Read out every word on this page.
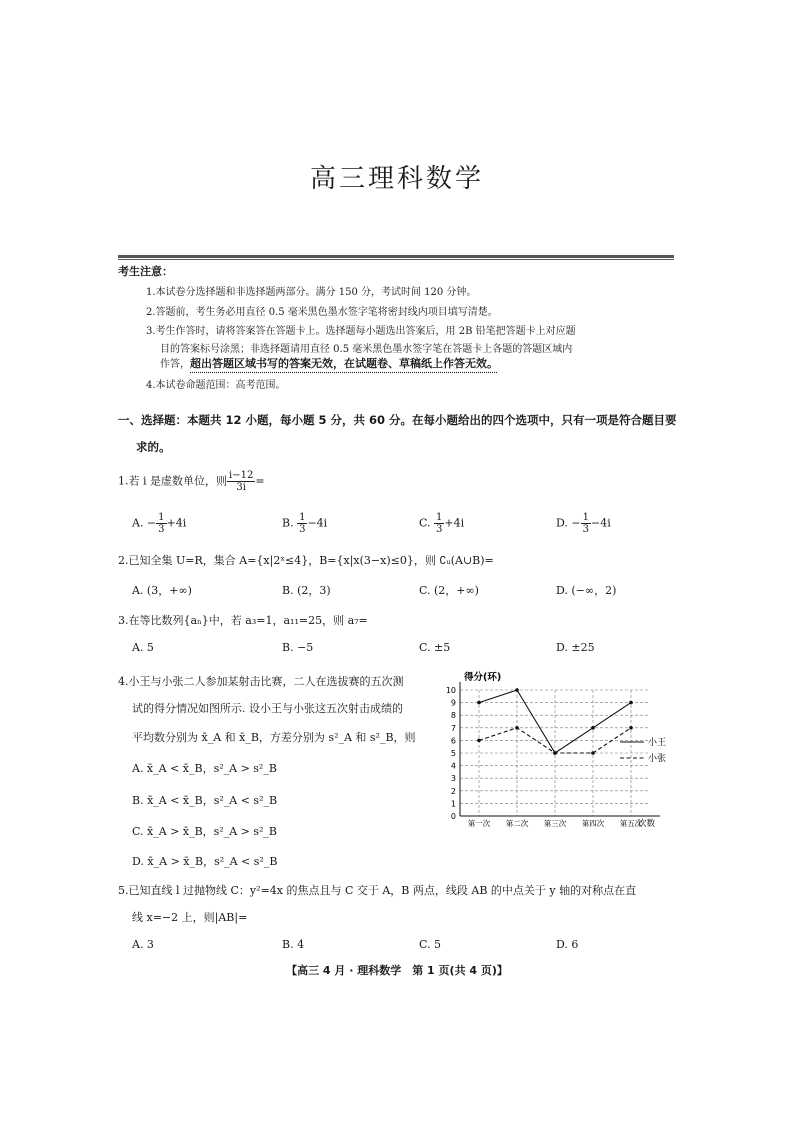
高三理科数学
考生注意：
1.本试卷分选择题和非选择题两部分。满分 150 分，考试时间 120 分钟。
2.答题前，考生务必用直径 0.5 毫米黑色墨水签字笔将密封线内项目填写清楚。
3.考生作答时，请将答案答在答题卡上。选择题每小题选出答案后，用 2B 铅笔把答题卡上对应题
目的答案标号涂黑；非选择题请用直径 0.5 毫米黑色墨水签字笔在答题卡上各题的答题区域内
作答，超出答题区域书写的答案无效，在试题卷、草稿纸上作答无效。
4.本试卷命题范围：高考范围。
一、选择题：本题共 12 小题，每小题 5 分，共 60 分。在每小题给出的四个选项中，只有一项是符合题目要
求的。
1.若 i 是虚数单位，则 $\frac{i-12}{3i}$ =
A. − $\frac{1}{3} +4i$	B. $\frac{1}{3} -4i$	C. $\frac{1}{3} +4i$	D. − $\frac{1}{3} -4i$
2.已知全集 U=R，集合 A={x|2ˣ≤4}，B={x|x(3−x)≤0}，则 ∁ᵤ(A∪B)=
A. (3，+∞)	B. (2，3)	C. (2，+∞)	D. (−∞，2)
3.在等比数列{aₙ}中，若 a₃=1，a₁₁=25，则 a₇=
A. 5	B. −5	C. ±5	D. ±25
4.小王与小张二人参加某射击比赛，二人在选拔赛的五次测
试的得分情况如图所示. 设小王与小张这五次射击成绩的
平均数分别为 x̄_A 和 x̄_B，方差分别为 s²_A 和 s²_B，则
A. x̄_A < x̄_B，s²_A > s²_B
B. x̄_A < x̄_B，s²_A < s²_B
C. x̄_A > x̄_B，s²_A > s²_B
D. x̄_A > x̄_B，s²_A < s²_B
得分(环)
0
1
2
3
4
5
6
7
8
9
10
第一次 第二次 第三次 第四次 第五次
次数
小王
小张
5.已知直线 l 过抛物线 C：y²=4x 的焦点且与 C 交于 A，B 两点，线段 AB 的中点关于 y 轴的对称点在直
线 x=−2 上，则|AB|=
A. 3	B. 4	C. 5	D. 6
【高三 4 月 · 理科数学　第 1 页(共 4 页)】
